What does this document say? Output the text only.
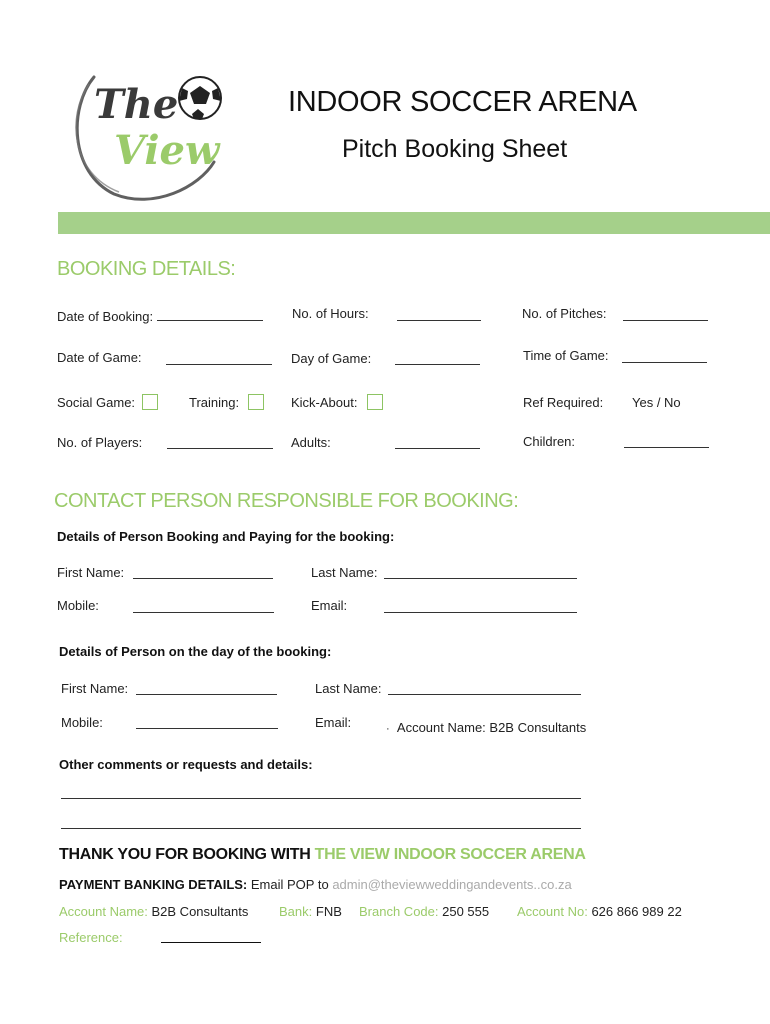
The
View
INDOOR SOCCER ARENA
Pitch Booking Sheet
BOOKING DETAILS:
Date of Booking:	No. of Hours:	No. of Pitches:
Date of Game:	Day of Game:	Time of Game:
Social Game:	Training:	Kick-About:	Ref Required: Yes / No
No. of Players:	Adults:	Children:
CONTACT PERSON RESPONSIBLE FOR BOOKING:
Details of Person Booking and Paying for the booking:
First Name:	Last Name:
Mobile:	Email:
Details of Person on the day of the booking:
First Name:	Last Name:
Mobile:	Email:	· Account Name: B2B Consultants
Other comments or requests and details:
THANK YOU FOR BOOKING WITH THE VIEW INDOOR SOCCER ARENA
PAYMENT BANKING DETAILS: Email POP to admin@theviewweddingandevents..co.za
Account Name: B2B Consultants Bank: FNB Branch Code: 250 555 Account No: 626 866 989 22
Reference:
